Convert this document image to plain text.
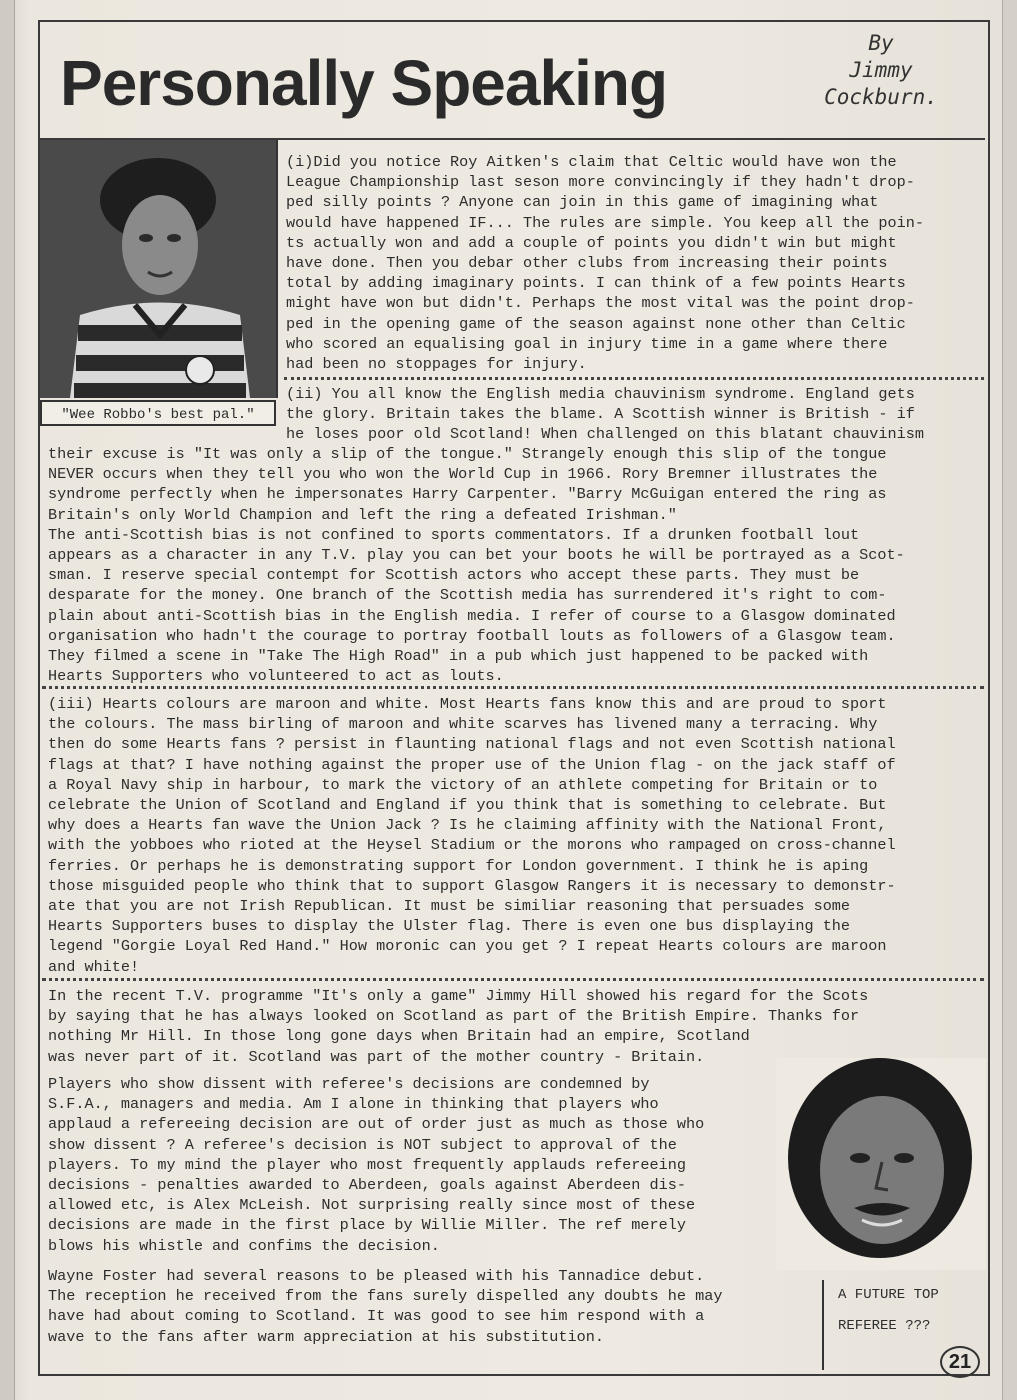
Personally Speaking
By
Jimmy
Cockburn.
"Wee Robbo's best pal."
(i)Did you notice Roy Aitken's claim that Celtic would have won the
League Championship last seson more convincingly if they hadn't drop-
ped silly points ? Anyone can join in this game of imagining what
would have happened IF... The rules are simple. You keep all the poin-
ts actually won and add a couple of points you didn't win but might
have done. Then you debar other clubs from increasing their points
total by adding imaginary points. I can think of a few points Hearts
might have won but didn't. Perhaps the most vital was the point drop-
ped in the opening game of the season against none other than Celtic
who scored an equalising goal in injury time in a game where there
had been no stoppages for injury.
(ii) You all know the English media chauvinism syndrome. England gets
the glory. Britain takes the blame. A Scottish winner is British - if
he loses poor old Scotland! When challenged on this blatant chauvinism
their excuse is "It was only a slip of the tongue." Strangely enough this slip of the tongue
NEVER occurs when they tell you who won the World Cup in 1966. Rory Bremner illustrates the
syndrome perfectly when he impersonates Harry Carpenter. "Barry McGuigan entered the ring as
Britain's only World Champion and left the ring a defeated Irishman."
The anti-Scottish bias is not confined to sports commentators. If a drunken football lout
appears as a character in any T.V. play you can bet your boots he will be portrayed as a Scot-
sman. I reserve special contempt for Scottish actors who accept these parts. They must be
desparate for the money. One branch of the Scottish media has surrendered it's right to com-
plain about anti-Scottish bias in the English media. I refer of course to a Glasgow dominated
organisation who hadn't the courage to portray football louts as followers of a Glasgow team.
They filmed a scene in "Take The High Road" in a pub which just happened to be packed with
Hearts Supporters who volunteered to act as louts.
(iii) Hearts colours are maroon and white. Most Hearts fans know this and are proud to sport
the colours. The mass birling of maroon and white scarves has livened many a terracing. Why
then do some Hearts fans ? persist in flaunting national flags and not even Scottish national
flags at that? I have nothing against the proper use of the Union flag - on the jack staff of
a Royal Navy ship in harbour, to mark the victory of an athlete competing for Britain or to
celebrate the Union of Scotland and England if you think that is something to celebrate. But
why does a Hearts fan wave the Union Jack ? Is he claiming affinity with the National Front,
with the yobboes who rioted at the Heysel Stadium or the morons who rampaged on cross-channel
ferries. Or perhaps he is demonstrating support for London government. I think he is aping
those misguided people who think that to support Glasgow Rangers it is necessary to demonstr-
ate that you are not Irish Republican. It must be similiar reasoning that persuades some
Hearts Supporters buses to display the Ulster flag. There is even one bus displaying the
legend "Gorgie Loyal Red Hand." How moronic can you get ? I repeat Hearts colours are maroon
and white!
In the recent T.V. programme "It's only a game" Jimmy Hill showed his regard for the Scots
by saying that he has always looked on Scotland as part of the British Empire. Thanks for
nothing Mr Hill. In those long gone days when Britain had an empire, Scotland
was never part of it. Scotland was part of the mother country - Britain.
Players who show dissent with referee's decisions are condemned by
S.F.A., managers and media. Am I alone in thinking that players who
applaud a refereeing decision are out of order just as much as those who
show dissent ? A referee's decision is NOT subject to approval of the
players. To my mind the player who most frequently applauds refereeing
decisions - penalties awarded to Aberdeen, goals against Aberdeen dis-
allowed etc, is Alex McLeish. Not surprising really since most of these
decisions are made in the first place by Willie Miller. The ref merely
blows his whistle and confims the decision.
Wayne Foster had several reasons to be pleased with his Tannadice debut.
The reception he received from the fans surely dispelled any doubts he may
have had about coming to Scotland. It was good to see him respond with a
wave to the fans after warm appreciation at his substitution.
A FUTURE TOP
REFEREE ???
21
